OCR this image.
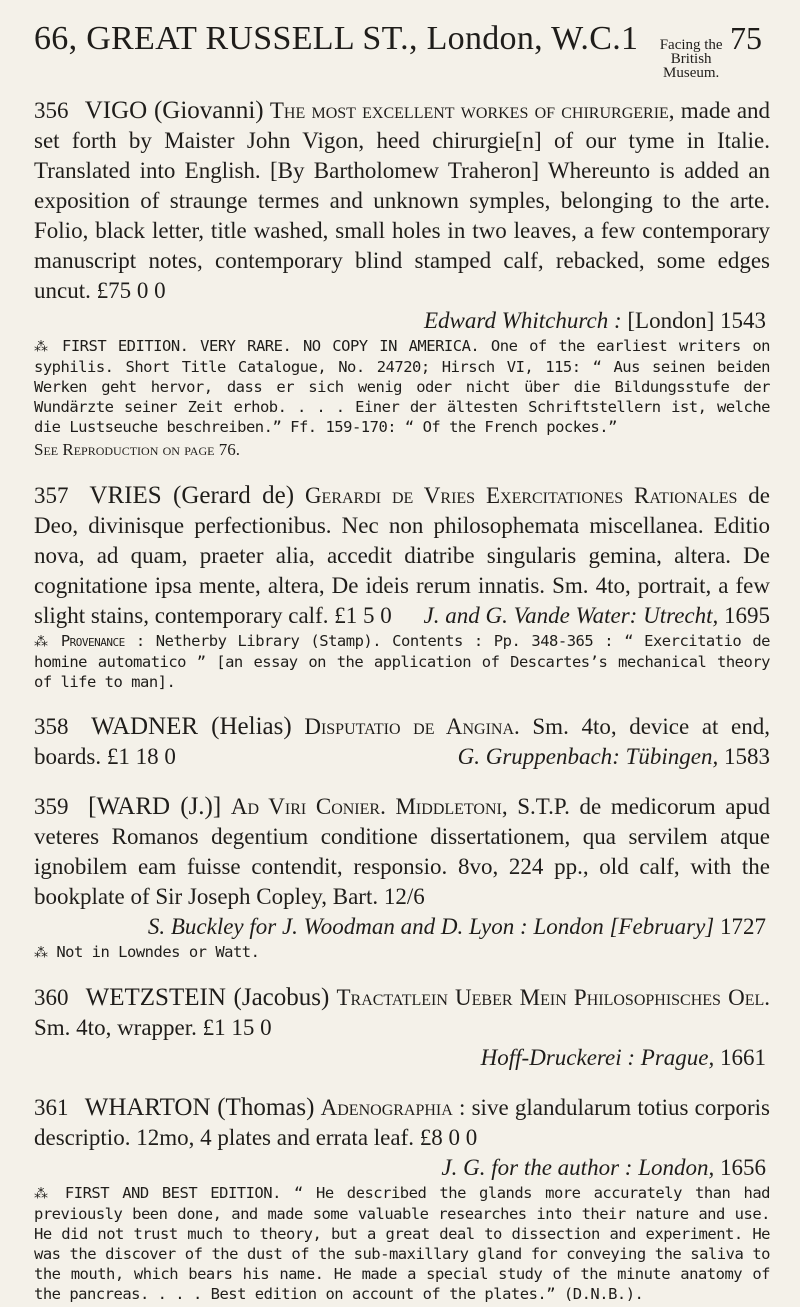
66, GREAT RUSSELL ST., London, W.C.1	Facing the
British Museum.
75
356 VIGO (Giovanni) The most excellent workes of chirurgerie, made and set forth by Maister John Vigon, heed chirurgie[n] of our tyme in Italie. Translated into English. [By Bartholomew Traheron] Whereunto is added an exposition of straunge termes and unknown symples, belonging to the arte. Folio, black letter, title washed, small holes in two leaves, a few contemporary manuscript notes, contemporary blind stamped calf, rebacked, some edges uncut. £75 0 0
Edward Whitchurch : [London] 1543
⁂ FIRST EDITION. VERY RARE. NO COPY IN AMERICA. One of the earliest writers on syphilis. Short Title Catalogue, No. 24720; Hirsch VI, 115: “ Aus seinen beiden Werken geht hervor, dass er sich wenig oder nicht über die Bildungsstufe der Wundärzte seiner Zeit erhob. . . . Einer der ältesten Schriftstellern ist, welche die Lustseuche beschreiben.” Ff. 159-170: “ Of the French pockes.”
See Reproduction on page 76.
357 VRIES (Gerard de) Gerardi de Vries Exercitationes Rationales de Deo, divinisque perfectionibus. Nec non philosophemata miscellanea. Editio nova, ad quam, praeter alia, accedit diatribe singularis gemina, altera. De cognitatione ipsa mente, altera, De ideis rerum innatis. Sm. 4to, portrait, a few slight stains, contemporary calf. £1 5 0 J. and G. Vande Water: Utrecht, 1695
⁂ Provenance : Netherby Library (Stamp). Contents : Pp. 348-365 : “ Exercitatio de homine automatico ” [an essay on the application of Descartes’s mechanical theory of life to man].
358 WADNER (Helias) Disputatio de Angina. Sm. 4to, device at end, boards. £1 18 0	G. Gruppenbach: Tübingen, 1583
359 [WARD (J.)] Ad Viri Conier. Middletoni, S.T.P. de medicorum apud veteres Romanos degentium conditione dissertationem, qua servilem atque ignobilem eam fuisse contendit, responsio. 8vo, 224 pp., old calf, with the bookplate of Sir Joseph Copley, Bart. 12/6
S. Buckley for J. Woodman and D. Lyon : London [February] 1727
⁂ Not in Lowndes or Watt.
360 WETZSTEIN (Jacobus) Tractatlein Ueber Mein Philosophisches Oel. Sm. 4to, wrapper. £1 15 0
Hoff-Druckerei : Prague, 1661
361 WHARTON (Thomas) Adenographia : sive glandularum totius corporis descriptio. 12mo, 4 plates and errata leaf. £8 0 0
J. G. for the author : London, 1656
⁂ FIRST AND BEST EDITION. “ He described the glands more accurately than had previously been done, and made some valuable researches into their nature and use. He did not trust much to theory, but a great deal to dissection and experiment. He was the discover of the dust of the sub-maxillary gland for conveying the saliva to the mouth, which bears his name. He made a special study of the minute anatomy of the pancreas. . . . Best edition on account of the plates.” (D.N.B.).
